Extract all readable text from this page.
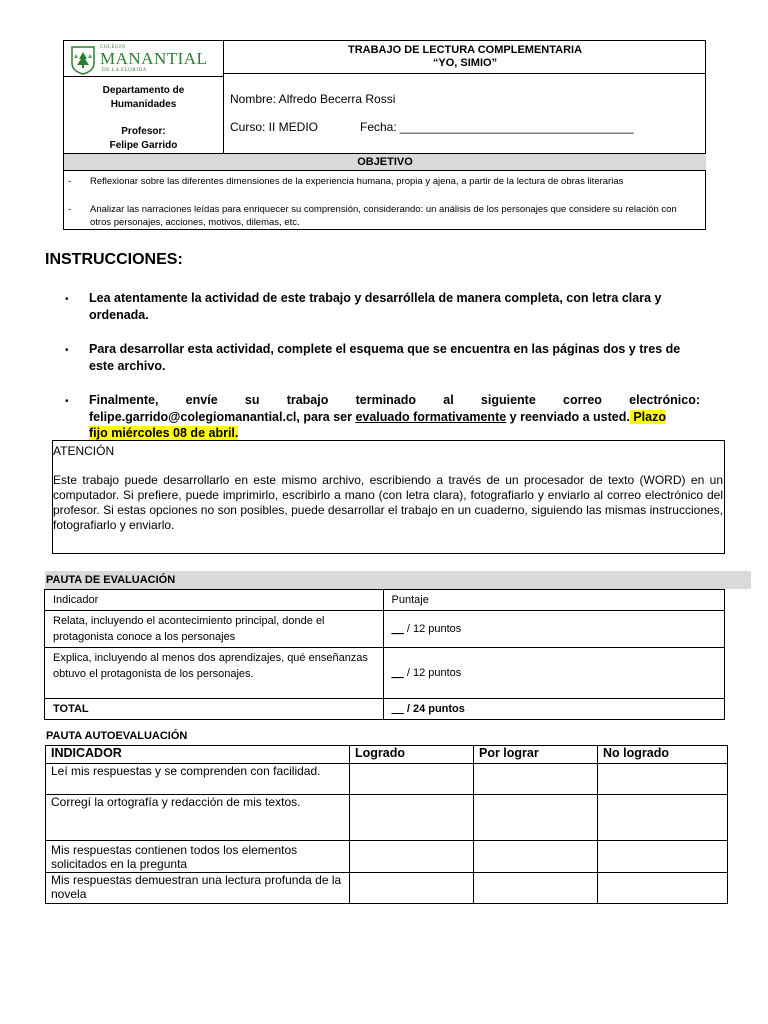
COLEGIO
MANANTIAL
DE LA FLORIDA
TRABAJO DE LECTURA COMPLEMENTARIA
“YO, SIMIO”
Departamento de
Humanidades
Profesor:
Felipe Garrido
Nombre: Alfredo Becerra Rossi
Curso: II MEDIO	Fecha: ___________________________________
OBJETIVO
- Reflexionar sobre las diferentes dimensiones de la experiencia humana, propia y ajena, a partir de la lectura de obras literarias
- Analizar las narraciones leídas para enriquecer su comprensión, considerando: un análisis de los personajes que considere su relación con otros personajes, acciones, motivos, dilemas, etc.
INSTRUCCIONES:
• Lea atentamente la actividad de este trabajo y desarróllela de manera completa, con letra clara y ordenada.
• Para desarrollar esta actividad, complete el esquema que se encuentra en las páginas dos y tres de este archivo.
• Finalmente, envíe su trabajo terminado al siguiente correo electrónico:
felipe.garrido@colegiomanantial.cl, para ser evaluado formativamente y reenviado a usted. Plazo
fijo miércoles 08 de abril.
ATENCIÓN
Este trabajo puede desarrollarlo en este mismo archivo, escribiendo a través de un procesador de texto (WORD) en un computador. Si prefiere, puede imprimirlo, escribirlo a mano (con letra clara), fotografiarlo y enviarlo al correo electrónico del profesor. Si estas opciones no son posibles, puede desarrollar el trabajo en un cuaderno, siguiendo las mismas instrucciones, fotografiarlo y enviarlo.
PAUTA DE EVALUACIÓN
Indicador	Puntaje
Relata, incluyendo el acontecimiento principal, donde el protagonista conoce a los personajes	__ / 12 puntos
Explica, incluyendo al menos dos aprendizajes, qué enseñanzas obtuvo el protagonista de los personajes.	__ / 12 puntos
TOTAL	__ / 24 puntos
PAUTA AUTOEVALUACIÓN
INDICADOR	Logrado	Por lograr	No logrado
Leí mis respuestas y se comprenden con facilidad.			
Corregí la ortografía y redacción de mis textos.			
Mis respuestas contienen todos los elementos solicitados en la pregunta			
Mis respuestas demuestran una lectura profunda de la novela			
